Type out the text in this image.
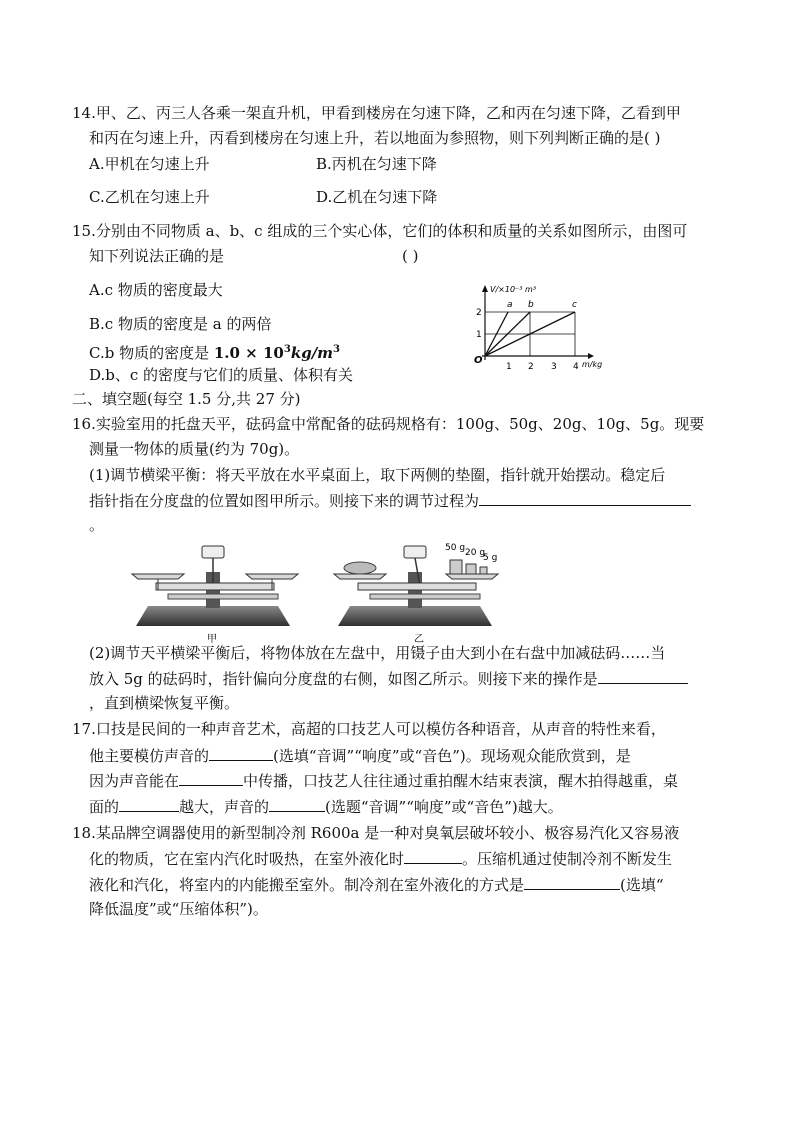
14.甲、乙、丙三人各乘一架直升机，甲看到楼房在匀速下降，乙和丙在匀速下降，乙看到甲
和丙在匀速上升，丙看到楼房在匀速上升，若以地面为参照物，则下列判断正确的是( )
A.甲机在匀速上升	B.丙机在匀速下降
C.乙机在匀速上升	D.乙机在匀速下降
15.分别由不同物质 a、b、c 组成的三个实心体，它们的体积和质量的关系如图所示，由图可
知下列说法正确的是	( )
A.c 物质的密度最大
B.c 物质的密度是 a 的两倍
C.b 物质的密度是 $1.0 \times 10^3kg/m^3$
D.b、c 的密度与它们的质量、体积有关
V/×10⁻³ m³
m/kg
O
1 2 3 4
1
2
a b	c
二、填空题(每空 1.5 分,共 27 分)
16.实验室用的托盘天平，砝码盒中常配备的砝码规格有：100g、50g、20g、10g、5g。现要
测量一物体的质量(约为 70g)。
(1)调节横梁平衡：将天平放在水平桌面上，取下两侧的垫圈，指针就开始摆动。稳定后
指针指在分度盘的位置如图甲所示。则接下来的调节过程为
。
甲
50 g 20 g
5 g
乙
(2)调节天平横梁平衡后，将物体放在左盘中，用镊子由大到小在右盘中加减砝码……当
放入 5g 的砝码时，指针偏向分度盘的右侧，如图乙所示。则接下来的操作是
，直到横梁恢复平衡。
17.口技是民间的一种声音艺术，高超的口技艺人可以模仿各种语音，从声音的特性来看，
他主要模仿声音的	(选填“音调”“响度”或“音色”)。现场观众能欣赏到，是
因为声音能在	中传播，口技艺人往往通过重拍醒木结束表演，醒木拍得越重，桌
面的	越大，声音的	(选题“音调”“响度”或“音色”)越大。
18.某品牌空调器使用的新型制冷剂 R600a 是一种对臭氧层破坏较小、极容易汽化又容易液
化的物质，它在室内汽化时吸热，在室外液化时	。压缩机通过使制冷剂不断发生
液化和汽化，将室内的内能搬至室外。制冷剂在室外液化的方式是	(选填“
降低温度”或“压缩体积”)。
